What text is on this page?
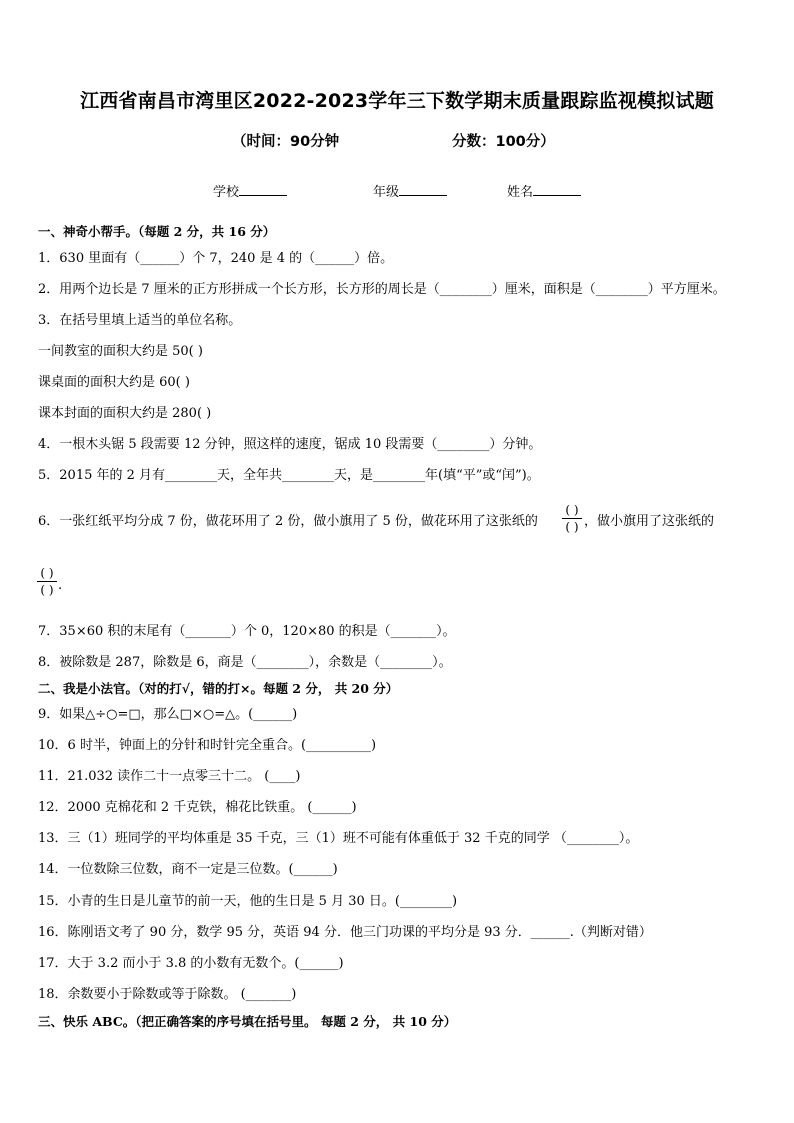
江西省南昌市湾里区2022-2023学年三下数学期末质量跟踪监视模拟试题
（时间：90分钟	分数：100分）
学校	年级	姓名
一、神奇小帮手。（每题 2 分，共 16 分）
1．630 里面有（______）个 7，240 是 4 的（______）倍。
2．用两个边长是 7 厘米的正方形拼成一个长方形，长方形的周长是（________）厘米，面积是（________）平方厘米。
3．在括号里填上适当的单位名称。
一间教室的面积大约是 50( )
课桌面的面积大约是 60( )
课本封面的面积大约是 280( )
4．一根木头锯 5 段需要 12 分钟，照这样的速度，锯成 10 段需要（________）分钟。
5．2015 年的 2 月有________天，全年共________天，是________年(填“平”或“闰”)。
6．一张红纸平均分成 7 份，做花环用了 2 份，做小旗用了 5 份，做花环用了这张纸的
( )
( ) ，做小旗用了这张纸的
( )
( ) .
7．35×60 积的末尾有（_______）个 0，120×80 的积是（_______）。
8．被除数是 287，除数是 6，商是（________），余数是（________）。
二、我是小法官。（对的打√，错的打×。每题 2 分， 共 20 分）
9．如果△÷○=□，那么□×○=△。(______)
10．6 时半，钟面上的分针和时针完全重合。(__________)
11．21.032 读作二十一点零三十二。 (____)
12．2000 克棉花和 2 千克铁，棉花比铁重。 (______)
13．三（1）班同学的平均体重是 35 千克，三（1）班不可能有体重低于 32 千克的同学 （________）。
14．一位数除三位数，商不一定是三位数。(______)
15．小青的生日是儿童节的前一天，他的生日是 5 月 30 日。(________)
16．陈刚语文考了 90 分，数学 95 分，英语 94 分．他三门功课的平均分是 93 分．______.（判断对错）
17．大于 3.2 而小于 3.8 的小数有无数个。(______)
18．余数要小于除数或等于除数。 (_______)
三、快乐 ABC。（把正确答案的序号填在括号里。 每题 2 分， 共 10 分）
